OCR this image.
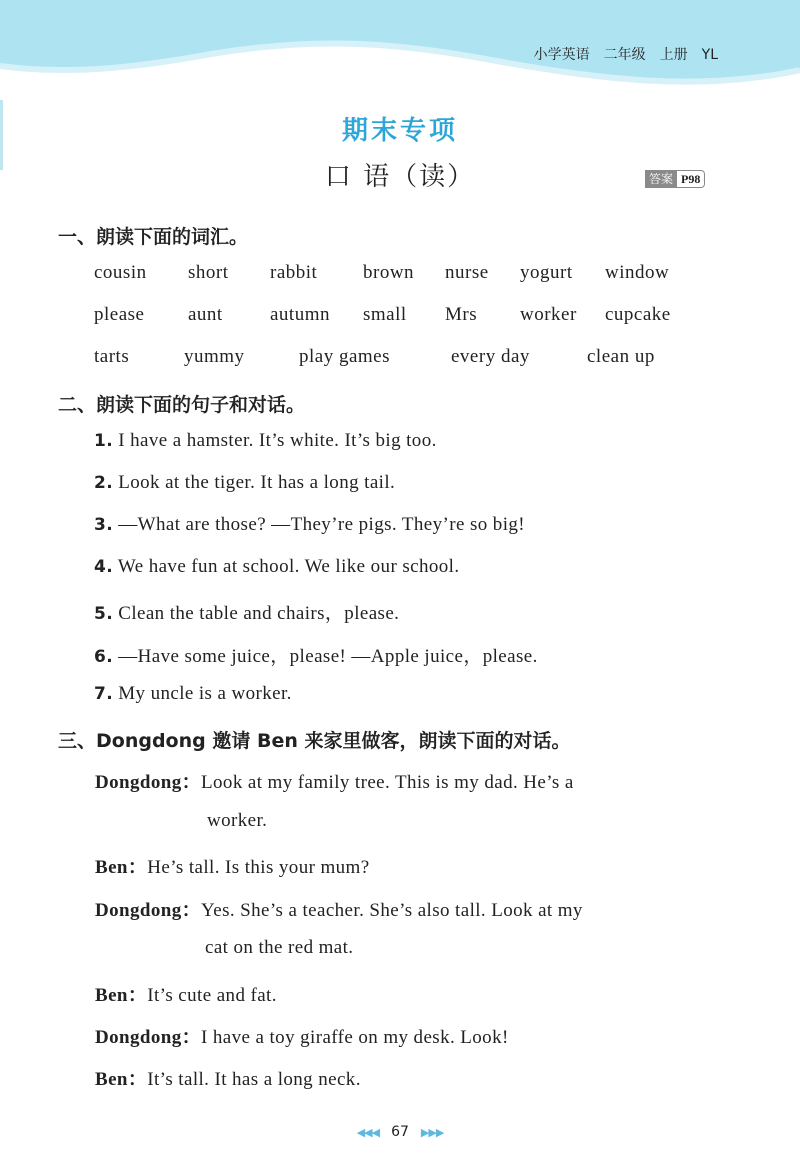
小学英语　二年级　上册　YL
期末专项
口 语（读）	答案 P98
一、朗读下面的词汇。
cousin short rabbit brown nurse yogurt window
please aunt autumn small Mrs worker cupcake
tarts	yummy	play games	every day	clean up
二、朗读下面的句子和对话。
1. I have a hamster. It’s white. It’s big too.
2. Look at the tiger. It has a long tail.
3. —What are those? —They’re pigs. They’re so big!
4. We have fun at school. We like our school.
5. Clean the table and chairs，please.
6. —Have some juice，please! —Apple juice，please.
7. My uncle is a worker.
三、Dongdong 邀请 Ben 来家里做客，朗读下面的对话。
Dongdong：Look at my family tree. This is my dad. He’s a
worker.
Ben：He’s tall. Is this your mum?
Dongdong：Yes. She’s a teacher. She’s also tall. Look at my
cat on the red mat.
Ben：It’s cute and fat.
Dongdong：I have a toy giraffe on my desk. Look!
Ben：It’s tall. It has a long neck.
◀◀◀ 67 ▶▶▶
